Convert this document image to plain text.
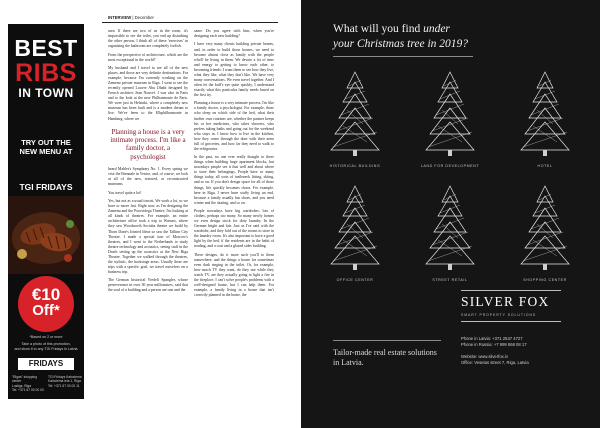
BEST
RIBS
IN TOWN
TRY OUT THE
NEW MENU AT
TGI FRIDAYS
€10
Off*
*Based on 2 or more
Take a photo of this promotion,
and show it to any TGI Fridays in Latvia
FRIDAYS
"Rigas" shopping center
Lustigs, Riga
Tel: +371 67 00 00 00
TGI Fridays Kalnciema
Kalnciema iela 1, Riga
Tel: +371 67 00 00 11
INTERVIEW | December

area. If there are two of us in the room, it's impossible to see the toilet, you end up disturbing the other person. I think all of these 'exercises' in organising the bathroom are completely foolish.

From the perspective of architecture, which are the most exceptional in the world?

My husband and I travel to see all of the new places, and those are very definite destinations. For example, because I'm currently working on the Zamenu private museum in Riga, I went to see the recently opened Louvre Abu Dhabi designed by French architect Jean Nouvel. I was also in Paris and to the look at the new Philharmonie de Paris. We were just in Helsinki, where a completely new museum has been built and is a modern dream to live. We've been to the Elbphilharmonie in Hamburg, where we

Planning a house is a very intimate process. I'm like a family doctor, a psychologist

heard Mahler's Symphony No. 1. Every spring we visit the Biennale in Venice, and, of course, we look at all of the new, restored, or reconstructed museums.

You travel quite a lot!

Yes, but not as a usual tourist. We work a lot, so we have to move fast. Right now, as I'm designing the Zamenu and the Poorvidega Theatre, I'm looking at all kinds of theatres. For example, an entire architecture office took a trip to Warsaw, where they saw Woodworth Sociaba theatre we build by Thom Dane's Jointed Ideas so saw the Tallinn City Theatre. I made a special tour of Moscow's theatres, and I went to the Netherlands to study theatre technology and acoustics, seeing stuff in the Dutch setting up the acoustics at the New Riga Theatre. Together we walked through the theatres, the stylistic, the backstage areas. Usually these are trips with a specific goal, we travel ourselves on a business trip.

The German historical Vredeli Spangler, whose perseverance in over 30 year millionaires, said that the soul of a building and a person are one and the

same. Do you agree with him, when you're designing each new building?

I have very many clients building private homes, and, in order to build those houses, we need to become almost close as family with the people who'll be living in them. We devote a lot of time and energy to getting to know each other, to becoming friends. I want them to see how they live, what they like, what they don't like. We have very many conversations. We even travel together. And I often let the buff's eye quite quickly, I understand exactly what this particular family needs based on the first try.

Planning a house is a very intimate process. I'm like a family doctor, a psychologist. For example, those who sleep on which side of the bed, what their further own routines are, whether the partner keeps his or her medicines, who takes showers, who prefers taking baths and going out for the weekend who stays in. I know how to live in the kitchen, how they come through the door with their arms full of groceries, and how far they need to walk to the refrigerator.

In the past, no one ever really thought to these things when building large apartment blocks, but nowadays people see it that well and about where to store their belongings. People have so many things today, all sorts of turtleneck fitting, skiing, and so on. If you don't design space for all of those things, life quickly becomes chaos. For example, here in Riga, I never have stuffy living on end, because a family usually has shoes, and you need winter and the skating, and so on.

People nowadays have big wardrobes, lots of clothes, perhaps too many. So many newly homes we even design stock for dirty laundry. In the German bright and fair. Just as I've said with the wardrobe, and they fold out of the rooms to store in the laundry room. It's also important to have a good light by the bed, if the residents are in the habit of reading, and a coat and a glazed sides building.

These designs, do it more such you'll to them somewhere, and the things a house for sometimes even dark ringing in the toilet. Or, for example, how much TV they want, do they use while they watch TV, are they actually going to light a fire in the fireplace. I can't solve people's problems with a well-designed house, but I can help them. For example, a family living in a house that isn't correctly planned in the home, the

What will you find under
your Christmas tree in 2019?
HISTORICAL BUILDING	LAND FOR DEVELOPMENT	HOTEL
OFFICE CENTER	STREET RETAIL	SHOPPING CENTER
Tailor-made real estate solutions in Latvia.
SILVER FOX
SMART PROPERTY SOLUTIONS
Phone in Latvia: +371 2547 4727
Phone in Russia: +7 999 868 08 17
Website: www.silverfox.lv
Office: Vesetas street 7, Riga, Latvia
